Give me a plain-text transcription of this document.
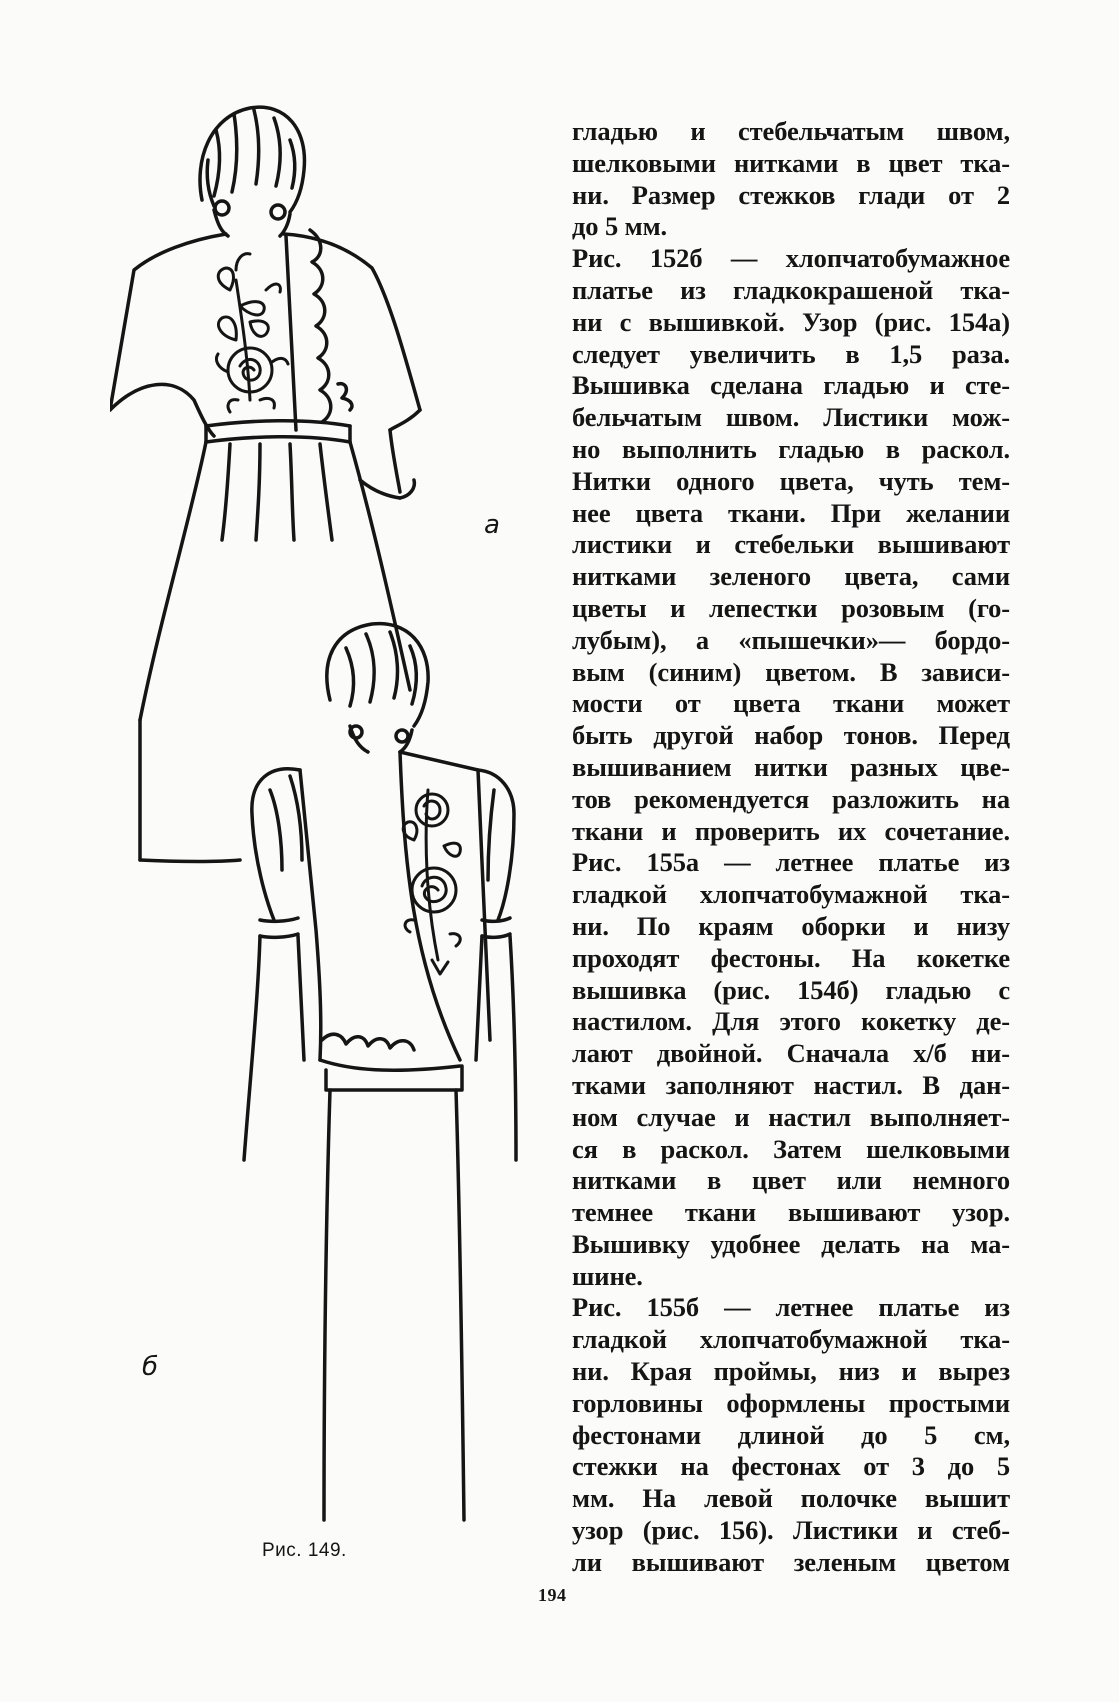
а
б
Рис. 149.
гладью и стебельчатым швом,
шелковыми нитками в цвет тка-
ни. Размер стежков глади от 2
до 5 мм.
Рис. 152б — хлопчатобумажное
платье из гладкокрашеной тка-
ни с вышивкой. Узор (рис. 154а)
следует увеличить в 1,5 раза.
Вышивка сделана гладью и сте-
бельчатым швом. Листики мож-
но выполнить гладью в раскол.
Нитки одного цвета, чуть тем-
нее цвета ткани. При желании
листики и стебельки вышивают
нитками зеленого цвета, сами
цветы и лепестки розовым (го-
лубым), а «пышечки»— бордо-
вым (синим) цветом. В зависи-
мости от цвета ткани может
быть другой набор тонов. Перед
вышиванием нитки разных цве-
тов рекомендуется разложить на
ткани и проверить их сочетание.
Рис. 155а — летнее платье из
гладкой хлопчатобумажной тка-
ни. По краям оборки и низу
проходят фестоны. На кокетке
вышивка (рис. 154б) гладью с
настилом. Для этого кокетку де-
лают двойной. Сначала х/б ни-
тками заполняют настил. В дан-
ном случае и настил выполняет-
ся в раскол. Затем шелковыми
нитками в цвет или немного
темнее ткани вышивают узор.
Вышивку удобнее делать на ма-
шине.
Рис. 155б — летнее платье из
гладкой хлопчатобумажной тка-
ни. Края проймы, низ и вырез
горловины оформлены простыми
фестонами длиной до 5 см,
стежки на фестонах от 3 до 5
мм. На левой полочке вышит
узор (рис. 156). Листики и стеб-
ли вышивают зеленым цветом
194
